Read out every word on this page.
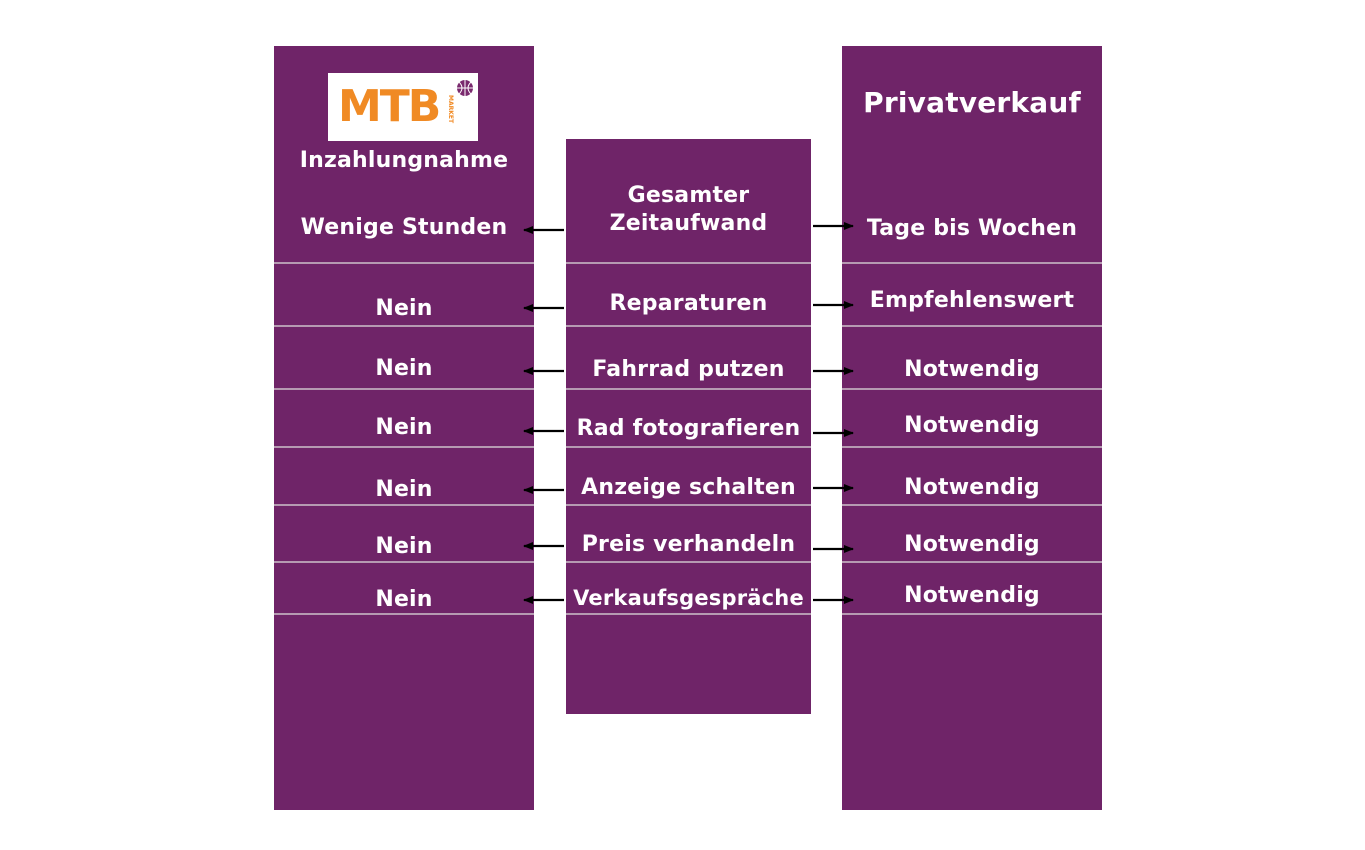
MTB MARKET
Inzahlungnahme
Wenige Stunden
Nein
Nein
Nein
Nein
Nein
Nein
Gesamter
Zeitaufwand
Reparaturen
Fahrrad putzen
Rad fotografieren
Anzeige schalten
Preis verhandeln
Verkaufsgespräche
Privatverkauf
Tage bis Wochen
Empfehlenswert
Notwendig
Notwendig
Notwendig
Notwendig
Notwendig
